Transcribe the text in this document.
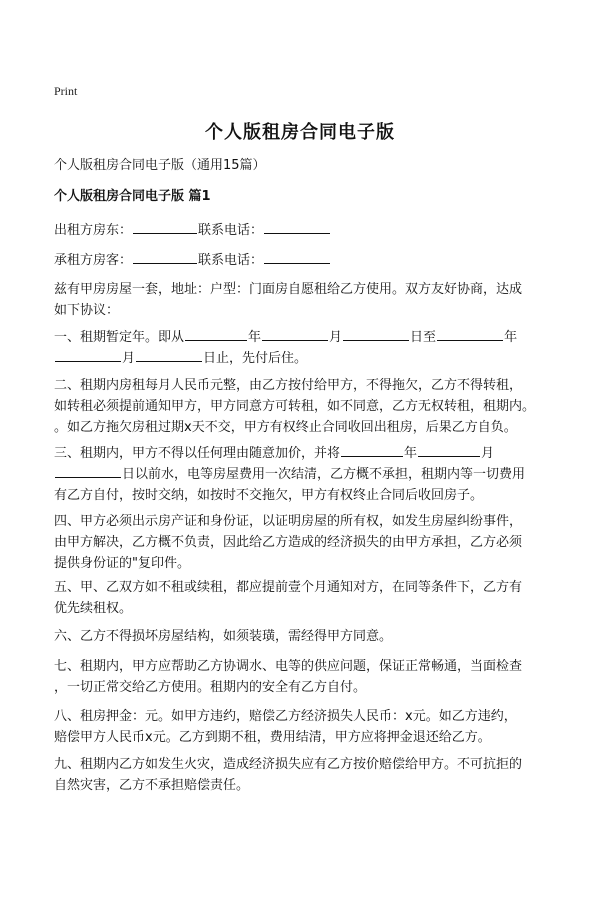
Print
个人版租房合同电子版
个人版租房合同电子版（通用15篇）
个人版租房合同电子版 篇1
出租方房东：	联系电话：
承租方房客：	联系电话：
兹有甲房房屋一套，地址：户型：门面房自愿租给乙方使用。双方友好协商，达成
如下协议：
一、租期暂定年。即从	年	月	日至	年
月	日止，先付后住。
二、租期内房租每月人民币元整，由乙方按付给甲方，不得拖欠，乙方不得转租，
如转租必须提前通知甲方，甲方同意方可转租，如不同意，乙方无权转租，租期内。
。如乙方拖欠房租过期x天不交，甲方有权终止合同收回出租房，后果乙方自负。
三、租期内，甲方不得以任何理由随意加价，并将	年	月
日以前水，电等房屋费用一次结清，乙方概不承担，租期内等一切费用
有乙方自付，按时交纳，如按时不交拖欠，甲方有权终止合同后收回房子。
四、甲方必须出示房产证和身份证，以证明房屋的所有权，如发生房屋纠纷事件，
由甲方解决，乙方概不负责，因此给乙方造成的经济损失的由甲方承担，乙方必须
提供身份证的"复印件。
五、甲、乙双方如不租或续租，都应提前壹个月通知对方，在同等条件下，乙方有
优先续租权。
六、乙方不得损坏房屋结构，如须装璜，需经得甲方同意。
七、租期内，甲方应帮助乙方协调水、电等的供应问题，保证正常畅通，当面检查
，一切正常交给乙方使用。租期内的安全有乙方自付。
八、租房押金：元。如甲方违约，赔偿乙方经济损失人民币：x元。如乙方违约，
赔偿甲方人民币x元。乙方到期不租，费用结清，甲方应将押金退还给乙方。
九、租期内乙方如发生火灾，造成经济损失应有乙方按价赔偿给甲方。不可抗拒的
自然灾害，乙方不承担赔偿责任。
